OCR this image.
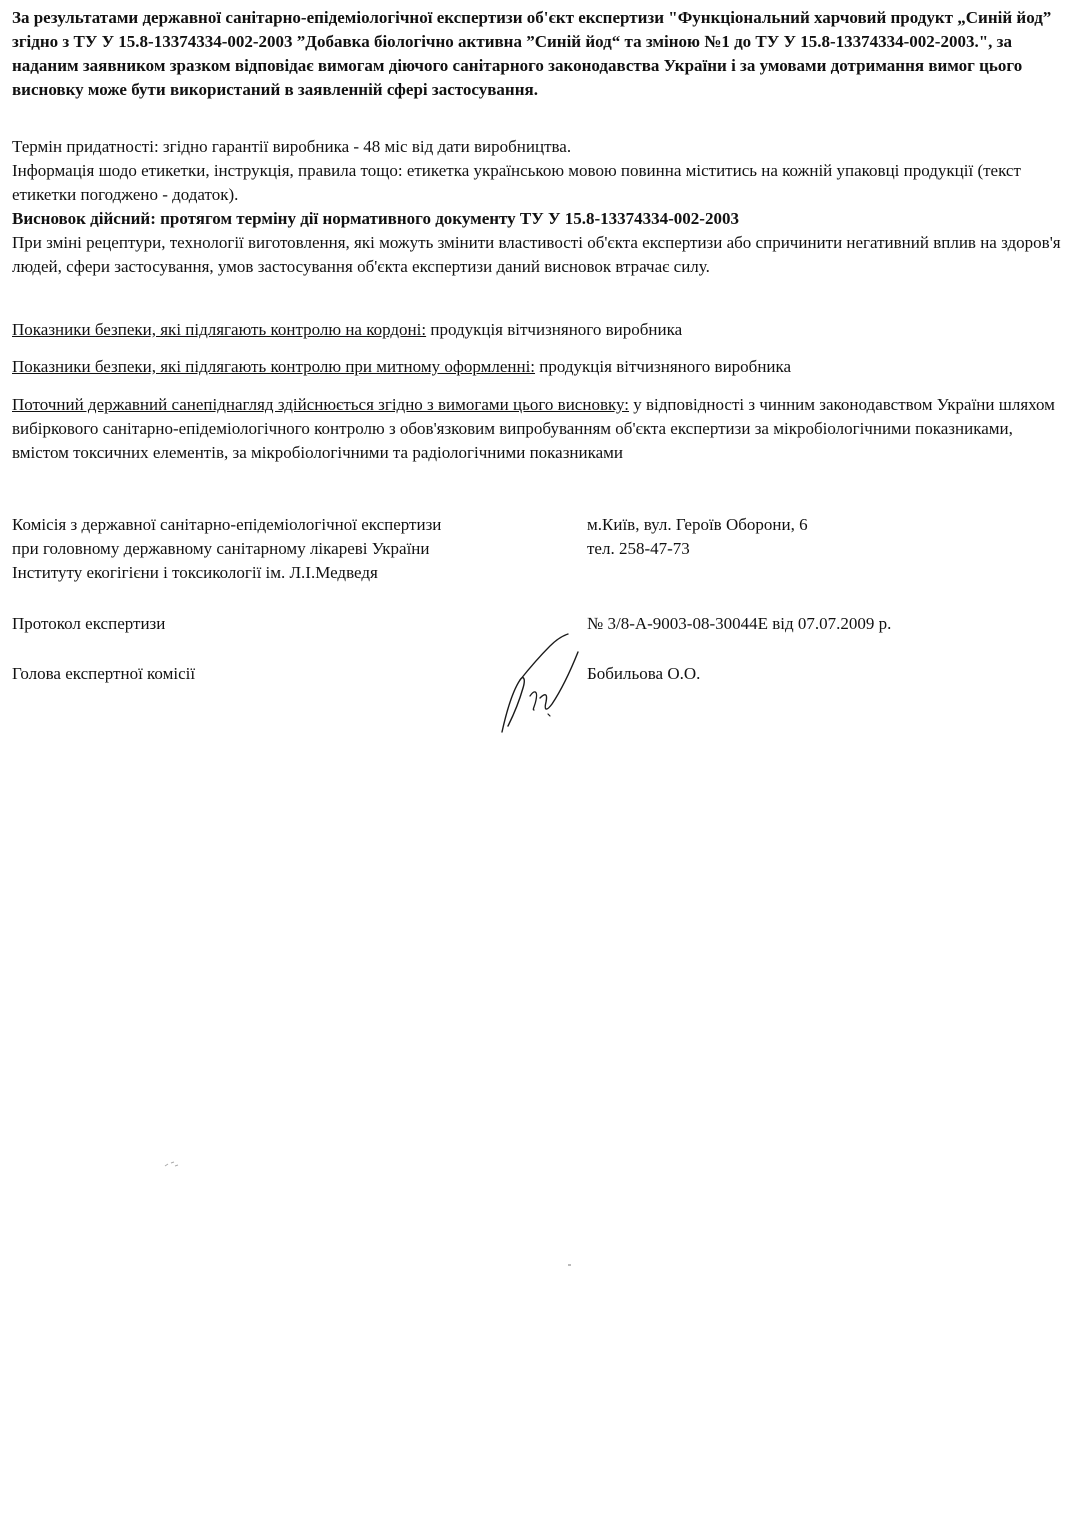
За результатами державної санітарно-епідеміологічної експертизи об'єкт експертизи "Функціональний харчовий продукт „Синій йод” згідно з ТУ У 15.8-13374334-002-2003 ”Добавка біологічно активна ”Синій йод“ та зміною №1 до ТУ У 15.8-13374334-002-2003.", за наданим заявником зразком відповідає вимогам діючого санітарного законодавства України і за умовами дотримання вимог цього висновку може бути використаний в заявленній сфері застосування.

Термін придатності: згідно гарантії виробника - 48 міс від дати виробництва.

Інформація шодо етикетки, інструкція, правила тощо: етикетка українською мовою повинна міститись на кожній упаковці продукції (текст етикетки погоджено - додаток).

Висновок дійсний: протягом терміну дії нормативного документу ТУ У 15.8-13374334-002-2003

При зміні рецептури, технології виготовлення, які можуть змінити властивості об'єкта експертизи або спричинити негативний вплив на здоров'я людей, сфери застосування, умов застосування об'єкта експертизи даний висновок втрачає силу.

Показники безпеки, які підлягають контролю на кордоні: продукція вітчизняного виробника

Показники безпеки, які підлягають контролю при митному оформленні: продукція вітчизняного виробника

Поточний державний санепіднагляд здійснюється згідно з вимогами цього висновку: у відповідності з чинним законодавством України шляхом вибіркового санітарно-епідеміологічного контролю з обов'язковим випробуванням об'єкта експертизи за мікробіологічними показниками, вмістом токсичних елементів, за мікробіологічними та радіологічними показниками

Комісія з державної санітарно-епідеміологічної експертизи

при головному державному санітарному лікареві України

Інституту екогігієни і токсикології ім. Л.І.Медведя

м.Київ, вул. Героїв Оборони, 6

тел. 258-47-73

Протокол експертизи	№ 3/8-А-9003-08-30044Е від 07.07.2009 р.

Голова експертної комісії	Бобильова О.О.
